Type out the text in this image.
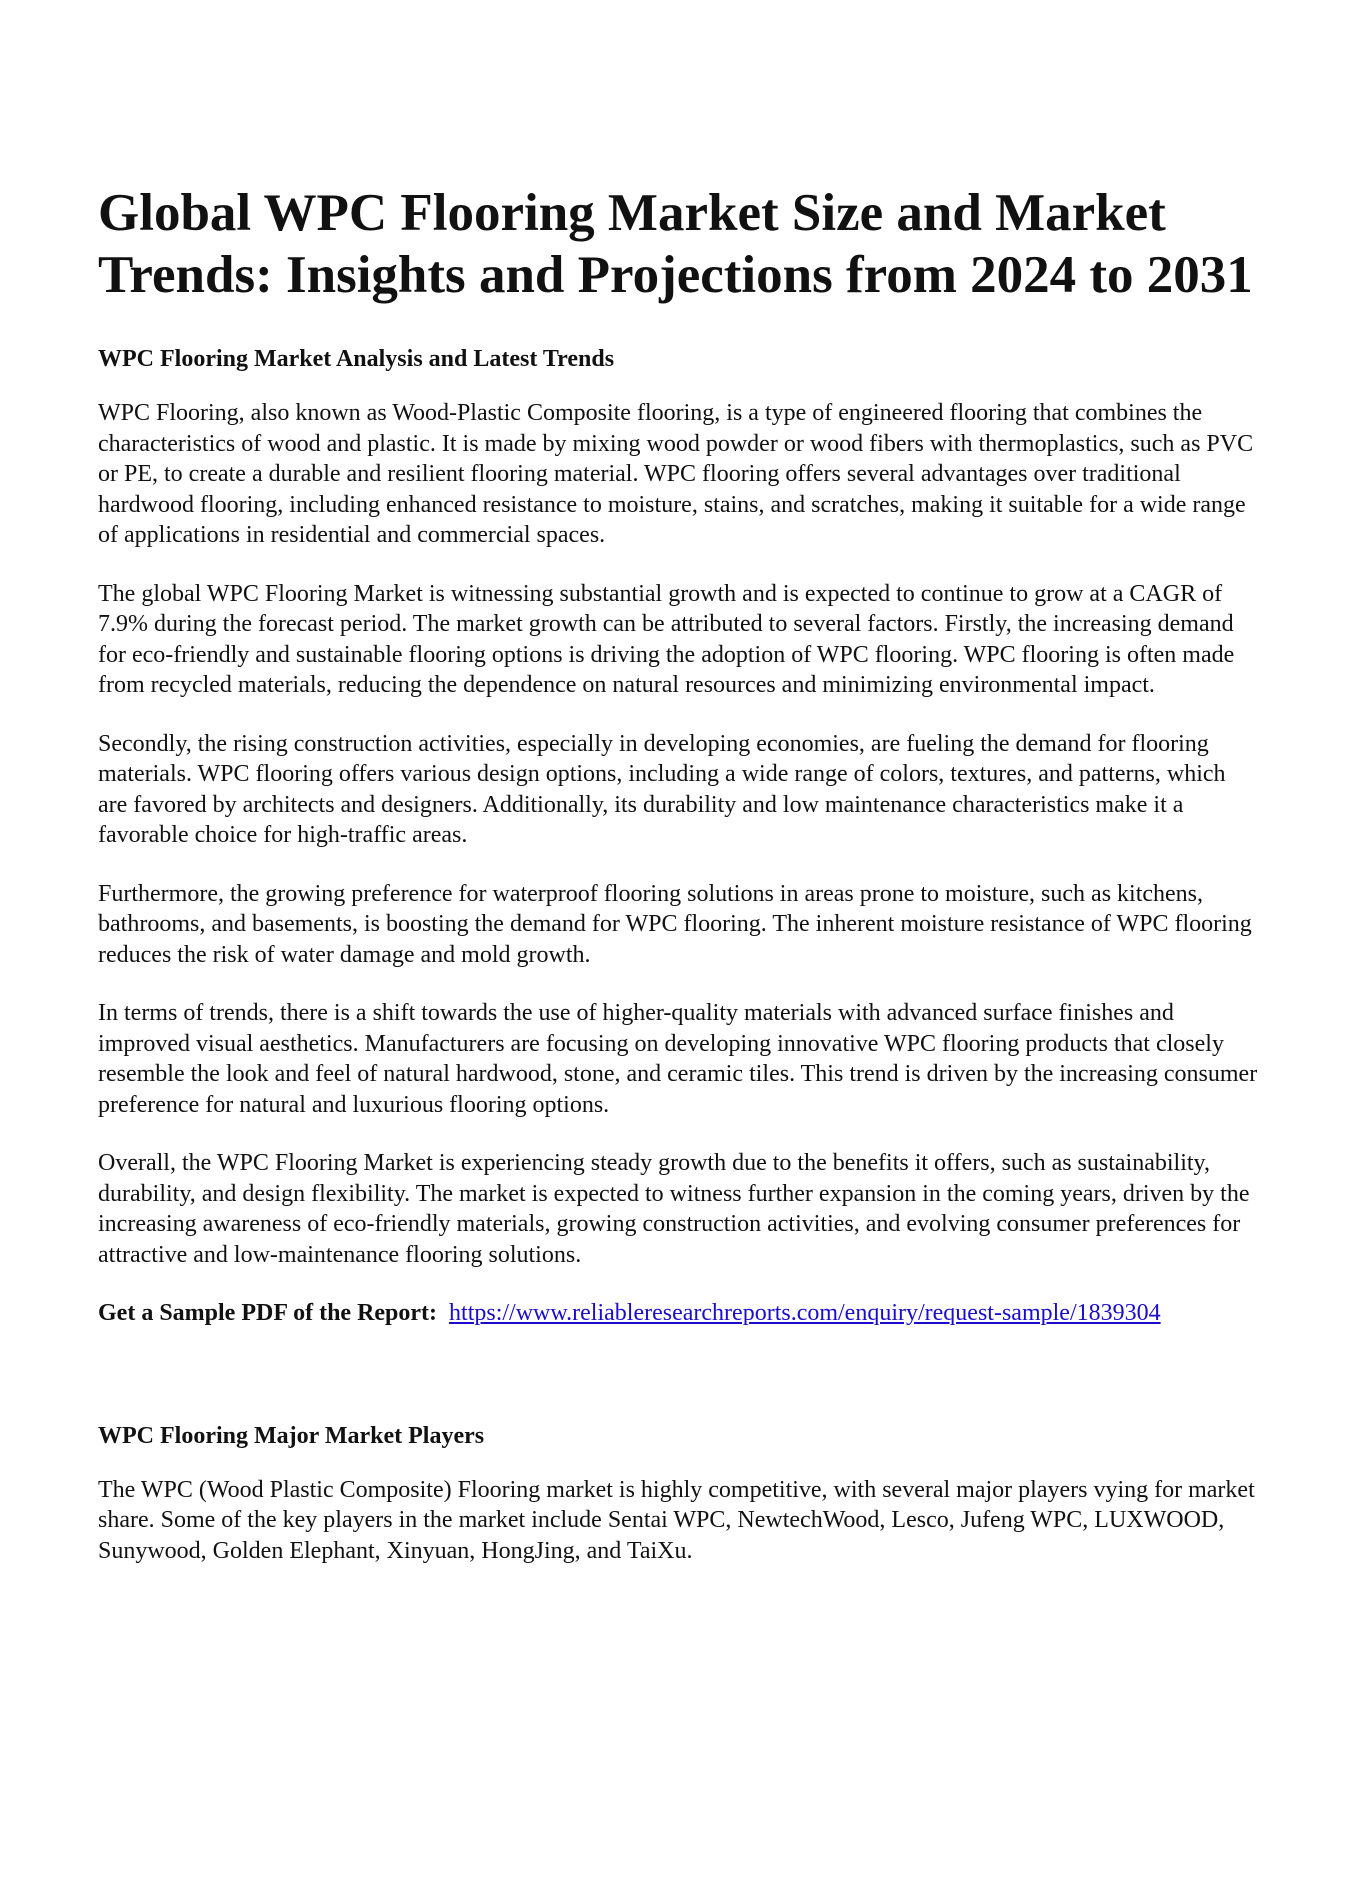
Global WPC Flooring Market Size and Market Trends: Insights and Projections from 2024 to 2031
WPC Flooring Market Analysis and Latest Trends

WPC Flooring, also known as Wood-Plastic Composite flooring, is a type of engineered flooring that combines the characteristics of wood and plastic. It is made by mixing wood powder or wood fibers with thermoplastics, such as PVC or PE, to create a durable and resilient flooring material. WPC flooring offers several advantages over traditional hardwood flooring, including enhanced resistance to moisture, stains, and scratches, making it suitable for a wide range of applications in residential and commercial spaces.

The global WPC Flooring Market is witnessing substantial growth and is expected to continue to grow at a CAGR of 7.9% during the forecast period. The market growth can be attributed to several factors. Firstly, the increasing demand for eco-friendly and sustainable flooring options is driving the adoption of WPC flooring. WPC flooring is often made from recycled materials, reducing the dependence on natural resources and minimizing environmental impact.

Secondly, the rising construction activities, especially in developing economies, are fueling the demand for flooring materials. WPC flooring offers various design options, including a wide range of colors, textures, and patterns, which are favored by architects and designers. Additionally, its durability and low maintenance characteristics make it a favorable choice for high-traffic areas.

Furthermore, the growing preference for waterproof flooring solutions in areas prone to moisture, such as kitchens, bathrooms, and basements, is boosting the demand for WPC flooring. The inherent moisture resistance of WPC flooring reduces the risk of water damage and mold growth.

In terms of trends, there is a shift towards the use of higher-quality materials with advanced surface finishes and improved visual aesthetics. Manufacturers are focusing on developing innovative WPC flooring products that closely resemble the look and feel of natural hardwood, stone, and ceramic tiles. This trend is driven by the increasing consumer preference for natural and luxurious flooring options.

Overall, the WPC Flooring Market is experiencing steady growth due to the benefits it offers, such as sustainability, durability, and design flexibility. The market is expected to witness further expansion in the coming years, driven by the increasing awareness of eco-friendly materials, growing construction activities, and evolving consumer preferences for attractive and low-maintenance flooring solutions.

Get a Sample PDF of the Report: https://www.reliableresearchreports.com/enquiry/request-sample/1839304

WPC Flooring Major Market Players

The WPC (Wood Plastic Composite) Flooring market is highly competitive, with several major players vying for market share. Some of the key players in the market include Sentai WPC, NewtechWood, Lesco, Jufeng WPC, LUXWOOD, Sunywood, Golden Elephant, Xinyuan, HongJing, and TaiXu.
